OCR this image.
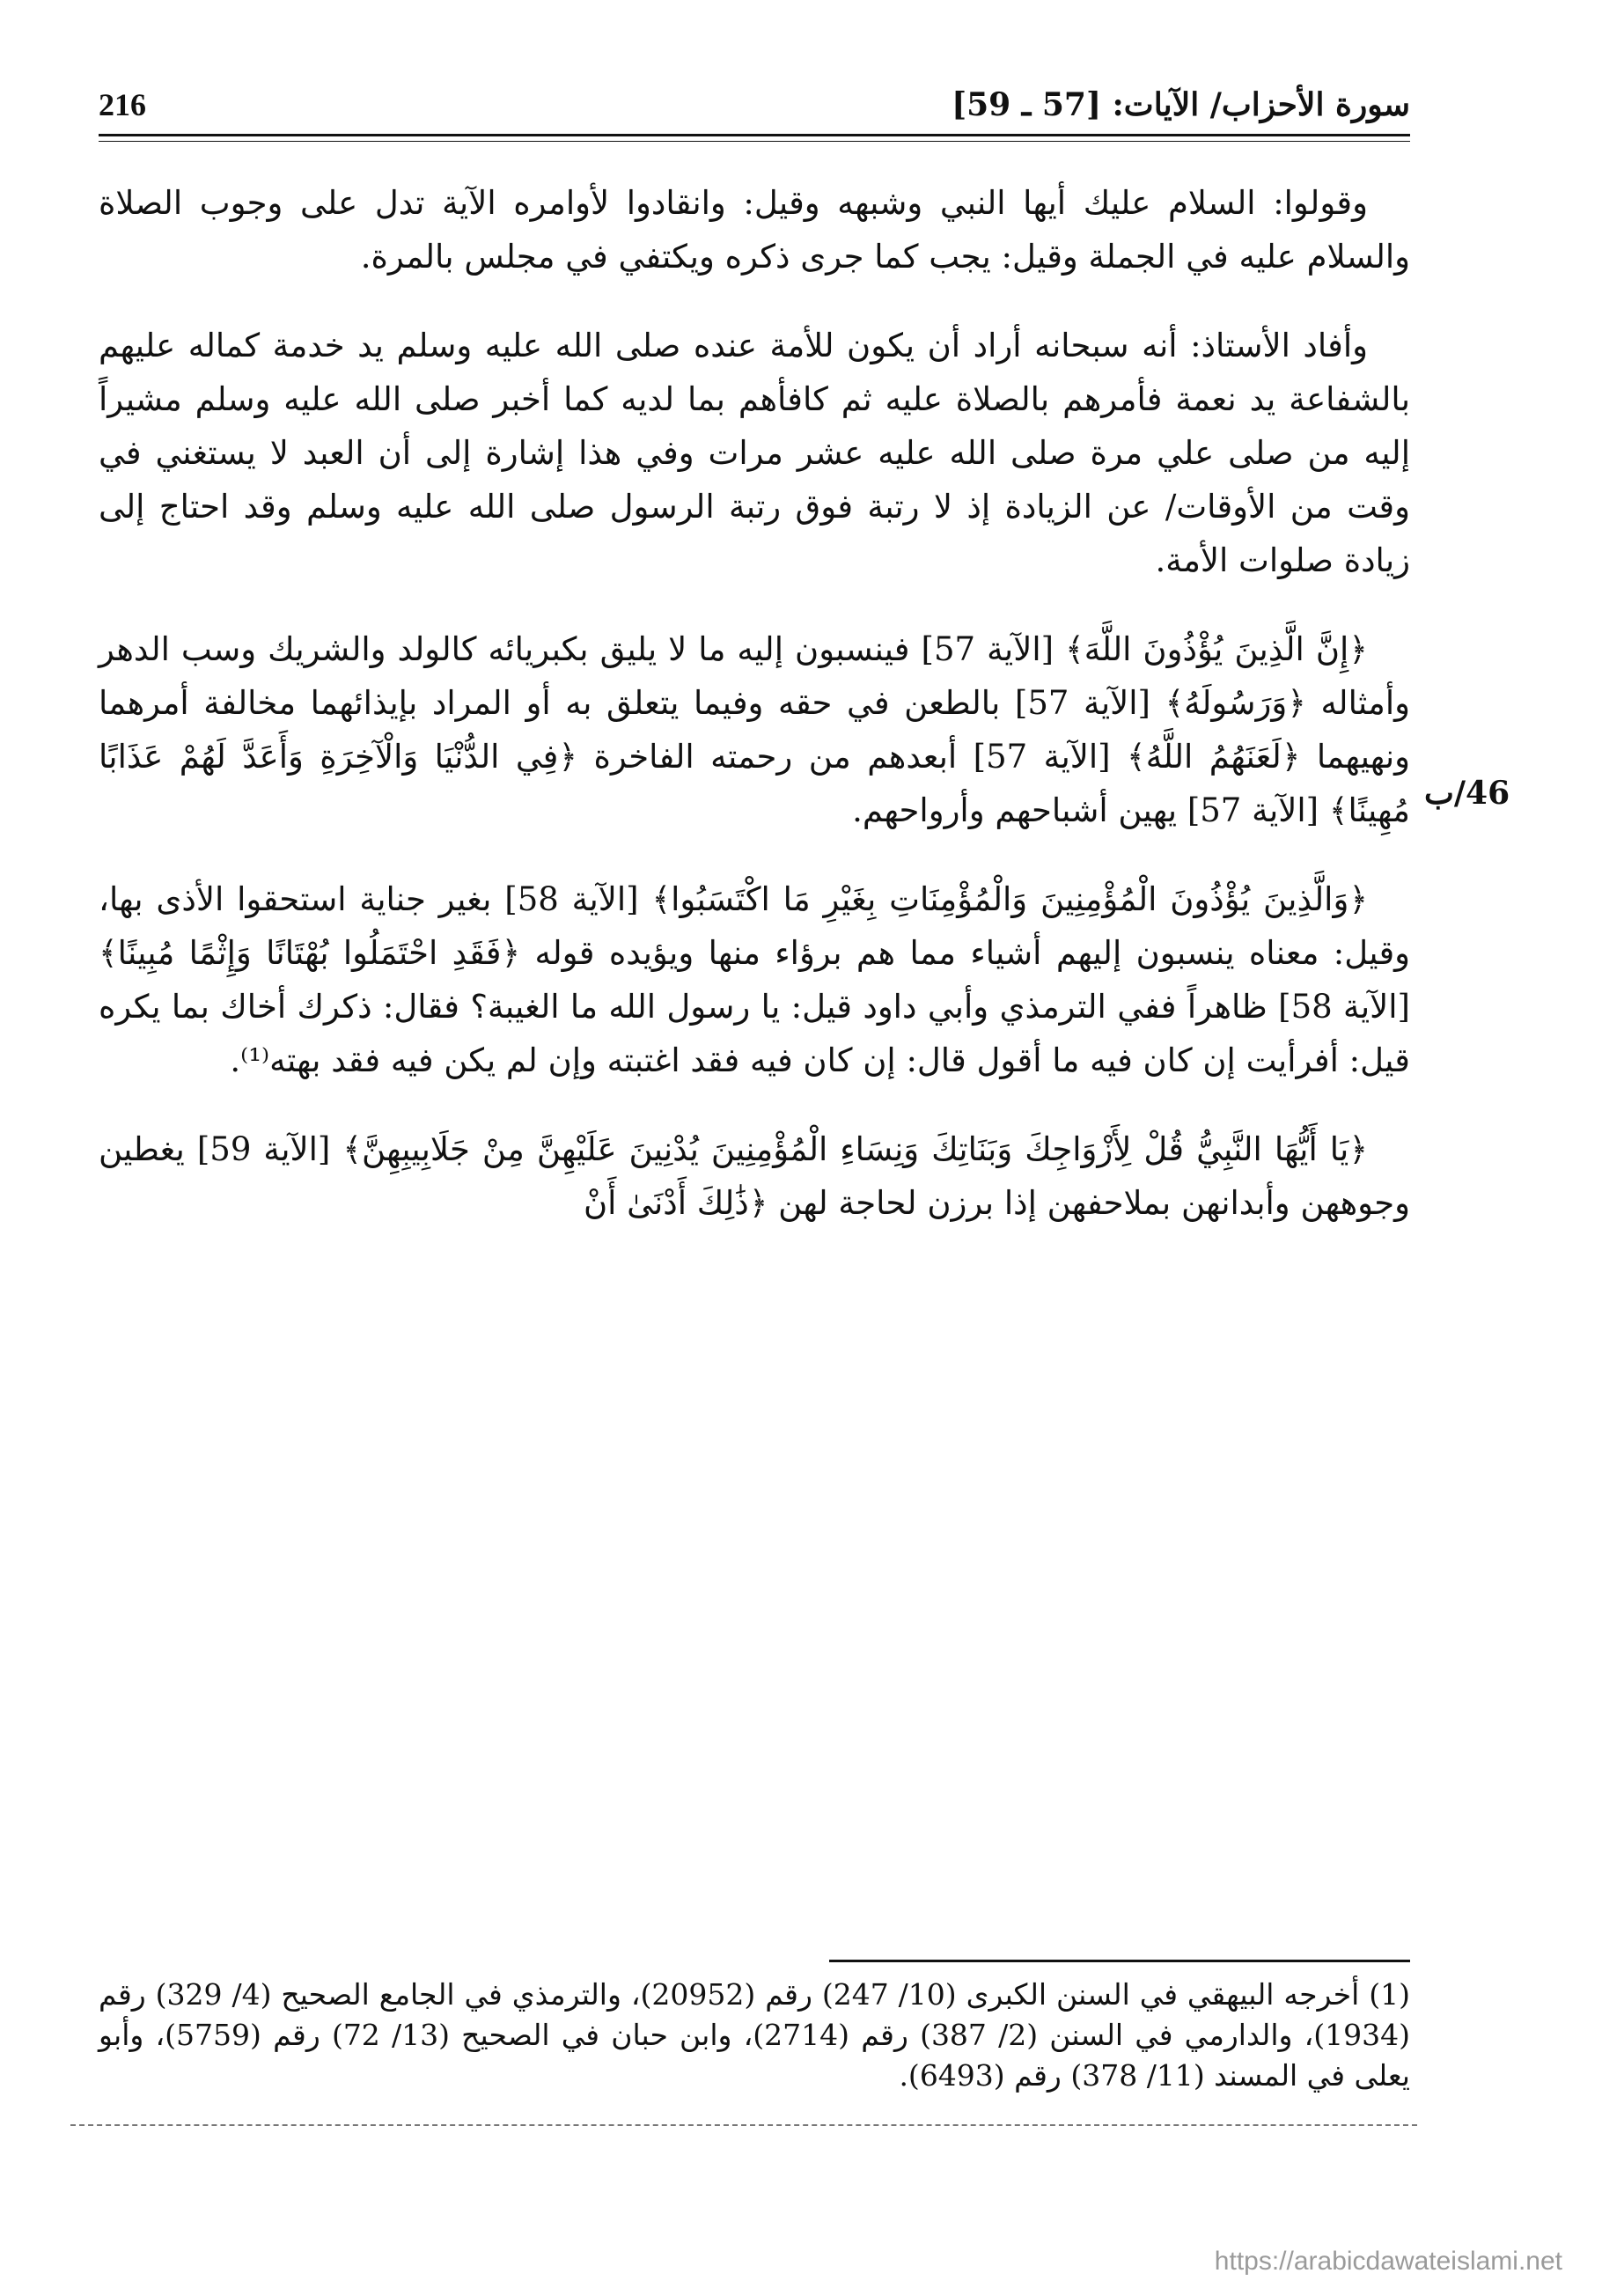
216	سورة الأحزاب/ الآيات: [57 ـ 59]
46/ب

وقولوا: السلام عليك أيها النبي وشبهه وقيل: وانقادوا لأوامره الآية تدل على وجوب الصلاة والسلام عليه في الجملة وقيل: يجب كما جرى ذكره ويكتفي في مجلس بالمرة.

وأفاد الأستاذ: أنه سبحانه أراد أن يكون للأمة عنده صلى الله عليه وسلم يد خدمة كماله عليهم بالشفاعة يد نعمة فأمرهم بالصلاة عليه ثم كافأهم بما لديه كما أخبر صلى الله عليه وسلم مشيراً إليه من صلى علي مرة صلى الله عليه عشر مرات وفي هذا إشارة إلى أن العبد لا يستغني في وقت من الأوقات/ عن الزيادة إذ لا رتبة فوق رتبة الرسول صلى الله عليه وسلم وقد احتاج إلى زيادة صلوات الأمة.

﴿إِنَّ الَّذِينَ يُؤْذُونَ اللَّهَ﴾ [الآية 57] فينسبون إليه ما لا يليق بكبريائه كالولد والشريك وسب الدهر وأمثاله ﴿وَرَسُولَهُ﴾ [الآية 57] بالطعن في حقه وفيما يتعلق به أو المراد بإيذائهما مخالفة أمرهما ونهيهما ﴿لَعَنَهُمُ اللَّهُ﴾ [الآية 57] أبعدهم من رحمته الفاخرة ﴿فِي الدُّنْيَا وَالْآخِرَةِ وَأَعَدَّ لَهُمْ عَذَابًا مُهِينًا﴾ [الآية 57] يهين أشباحهم وأرواحهم.

﴿وَالَّذِينَ يُؤْذُونَ الْمُؤْمِنِينَ وَالْمُؤْمِنَاتِ بِغَيْرِ مَا اكْتَسَبُوا﴾ [الآية 58] بغير جناية استحقوا الأذى بها، وقيل: معناه ينسبون إليهم أشياء مما هم برؤاء منها ويؤيده قوله ﴿فَقَدِ احْتَمَلُوا بُهْتَانًا وَإِثْمًا مُبِينًا﴾ [الآية 58] ظاهراً ففي الترمذي وأبي داود قيل: يا رسول الله ما الغيبة؟ فقال: ذكرك أخاك بما يكره قيل: أفرأيت إن كان فيه ما أقول قال: إن كان فيه فقد اغتبته وإن لم يكن فيه فقد بهته⁽¹⁾.

﴿يَا أَيُّهَا النَّبِيُّ قُلْ لِأَزْوَاجِكَ وَبَنَاتِكَ وَنِسَاءِ الْمُؤْمِنِينَ يُدْنِينَ عَلَيْهِنَّ مِنْ جَلَابِيبِهِنَّ﴾ [الآية 59] يغطين وجوههن وأبدانهن بملاحفهن إذا برزن لحاجة لهن ﴿ذَٰلِكَ أَدْنَىٰ أَنْ

(1) أخرجه البيهقي في السنن الكبرى (10/ 247) رقم (20952)، والترمذي في الجامع الصحيح (4/ 329) رقم (1934)، والدارمي في السنن (2/ 387) رقم (2714)، وابن حبان في الصحيح (13/ 72) رقم (5759)، وأبو يعلى في المسند (11/ 378) رقم (6493).

https://arabicdawateislami.net
